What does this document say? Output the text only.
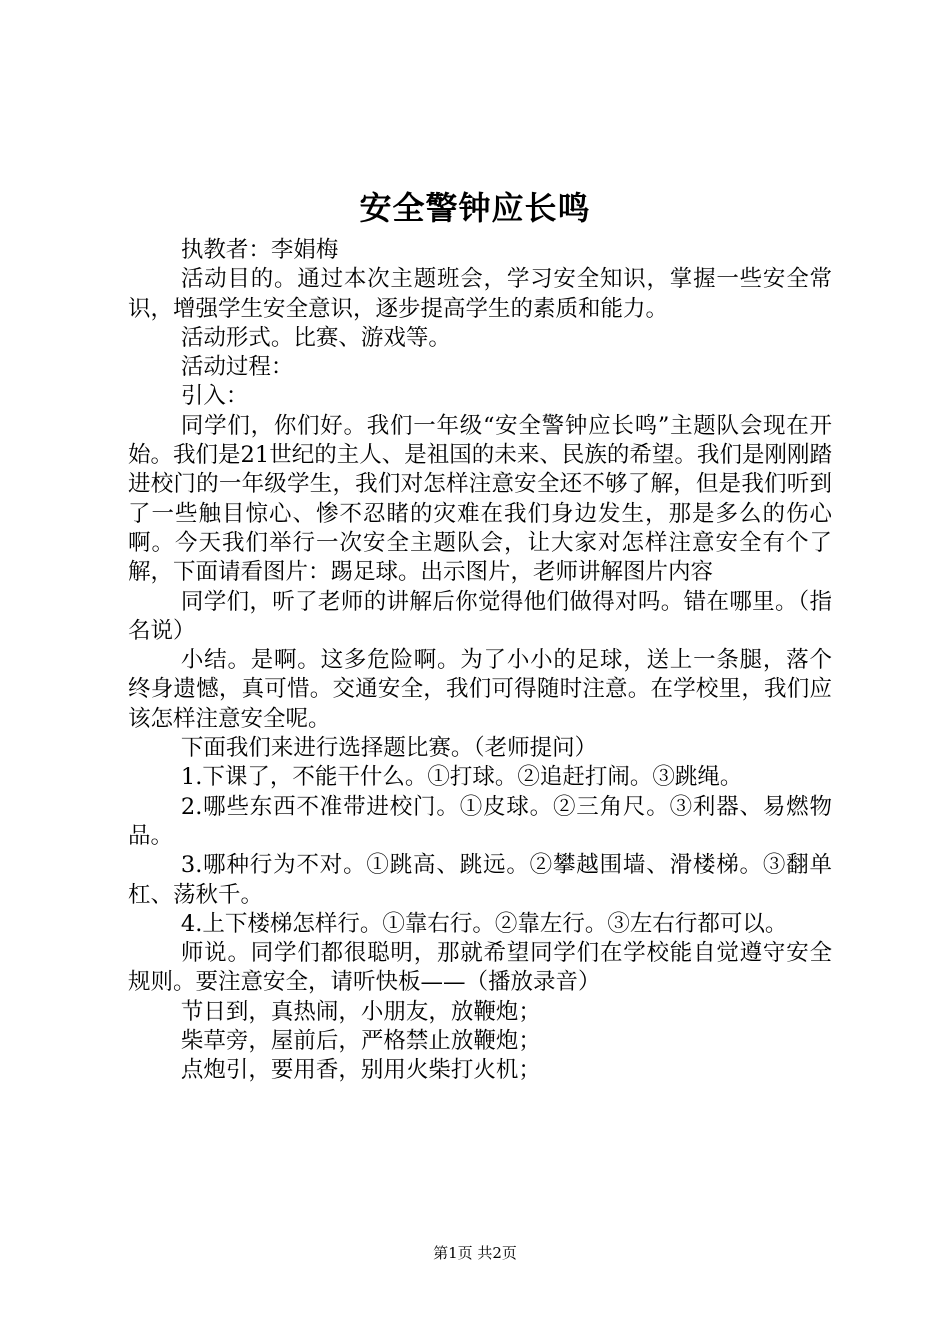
安全警钟应长鸣

执教者：李娟梅

活动目的。通过本次主题班会，学习安全知识，掌握一些安全常识，增强学生安全意识，逐步提高学生的素质和能力。

活动形式。比赛、游戏等。

活动过程：

引入：

同学们，你们好。我们一年级“安全警钟应长鸣”主题队会现在开始。我们是21世纪的主人、是祖国的未来、民族的希望。我们是刚刚踏进校门的一年级学生，我们对怎样注意安全还不够了解，但是我们听到了一些触目惊心、惨不忍睹的灾难在我们身边发生，那是多么的伤心啊。今天我们举行一次安全主题队会，让大家对怎样注意安全有个了解，下面请看图片：踢足球。出示图片，老师讲解图片内容

同学们，听了老师的讲解后你觉得他们做得对吗。错在哪里。（指名说）

小结。是啊。这多危险啊。为了小小的足球，送上一条腿，落个终身遗憾，真可惜。交通安全，我们可得随时注意。在学校里，我们应该怎样注意安全呢。

下面我们来进行选择题比赛。（老师提问）

1.下课了，不能干什么。①打球。②追赶打闹。③跳绳。

2.哪些东西不准带进校门。①皮球。②三角尺。③利器、易燃物品。

3.哪种行为不对。①跳高、跳远。②攀越围墙、滑楼梯。③翻单杠、荡秋千。

4.上下楼梯怎样行。①靠右行。②靠左行。③左右行都可以。

师说。同学们都很聪明，那就希望同学们在学校能自觉遵守安全规则。要注意安全，请听快板——（播放录音）

节日到，真热闹，小朋友，放鞭炮；

柴草旁，屋前后，严格禁止放鞭炮；

点炮引，要用香，别用火柴打火机；

第1页 共2页
